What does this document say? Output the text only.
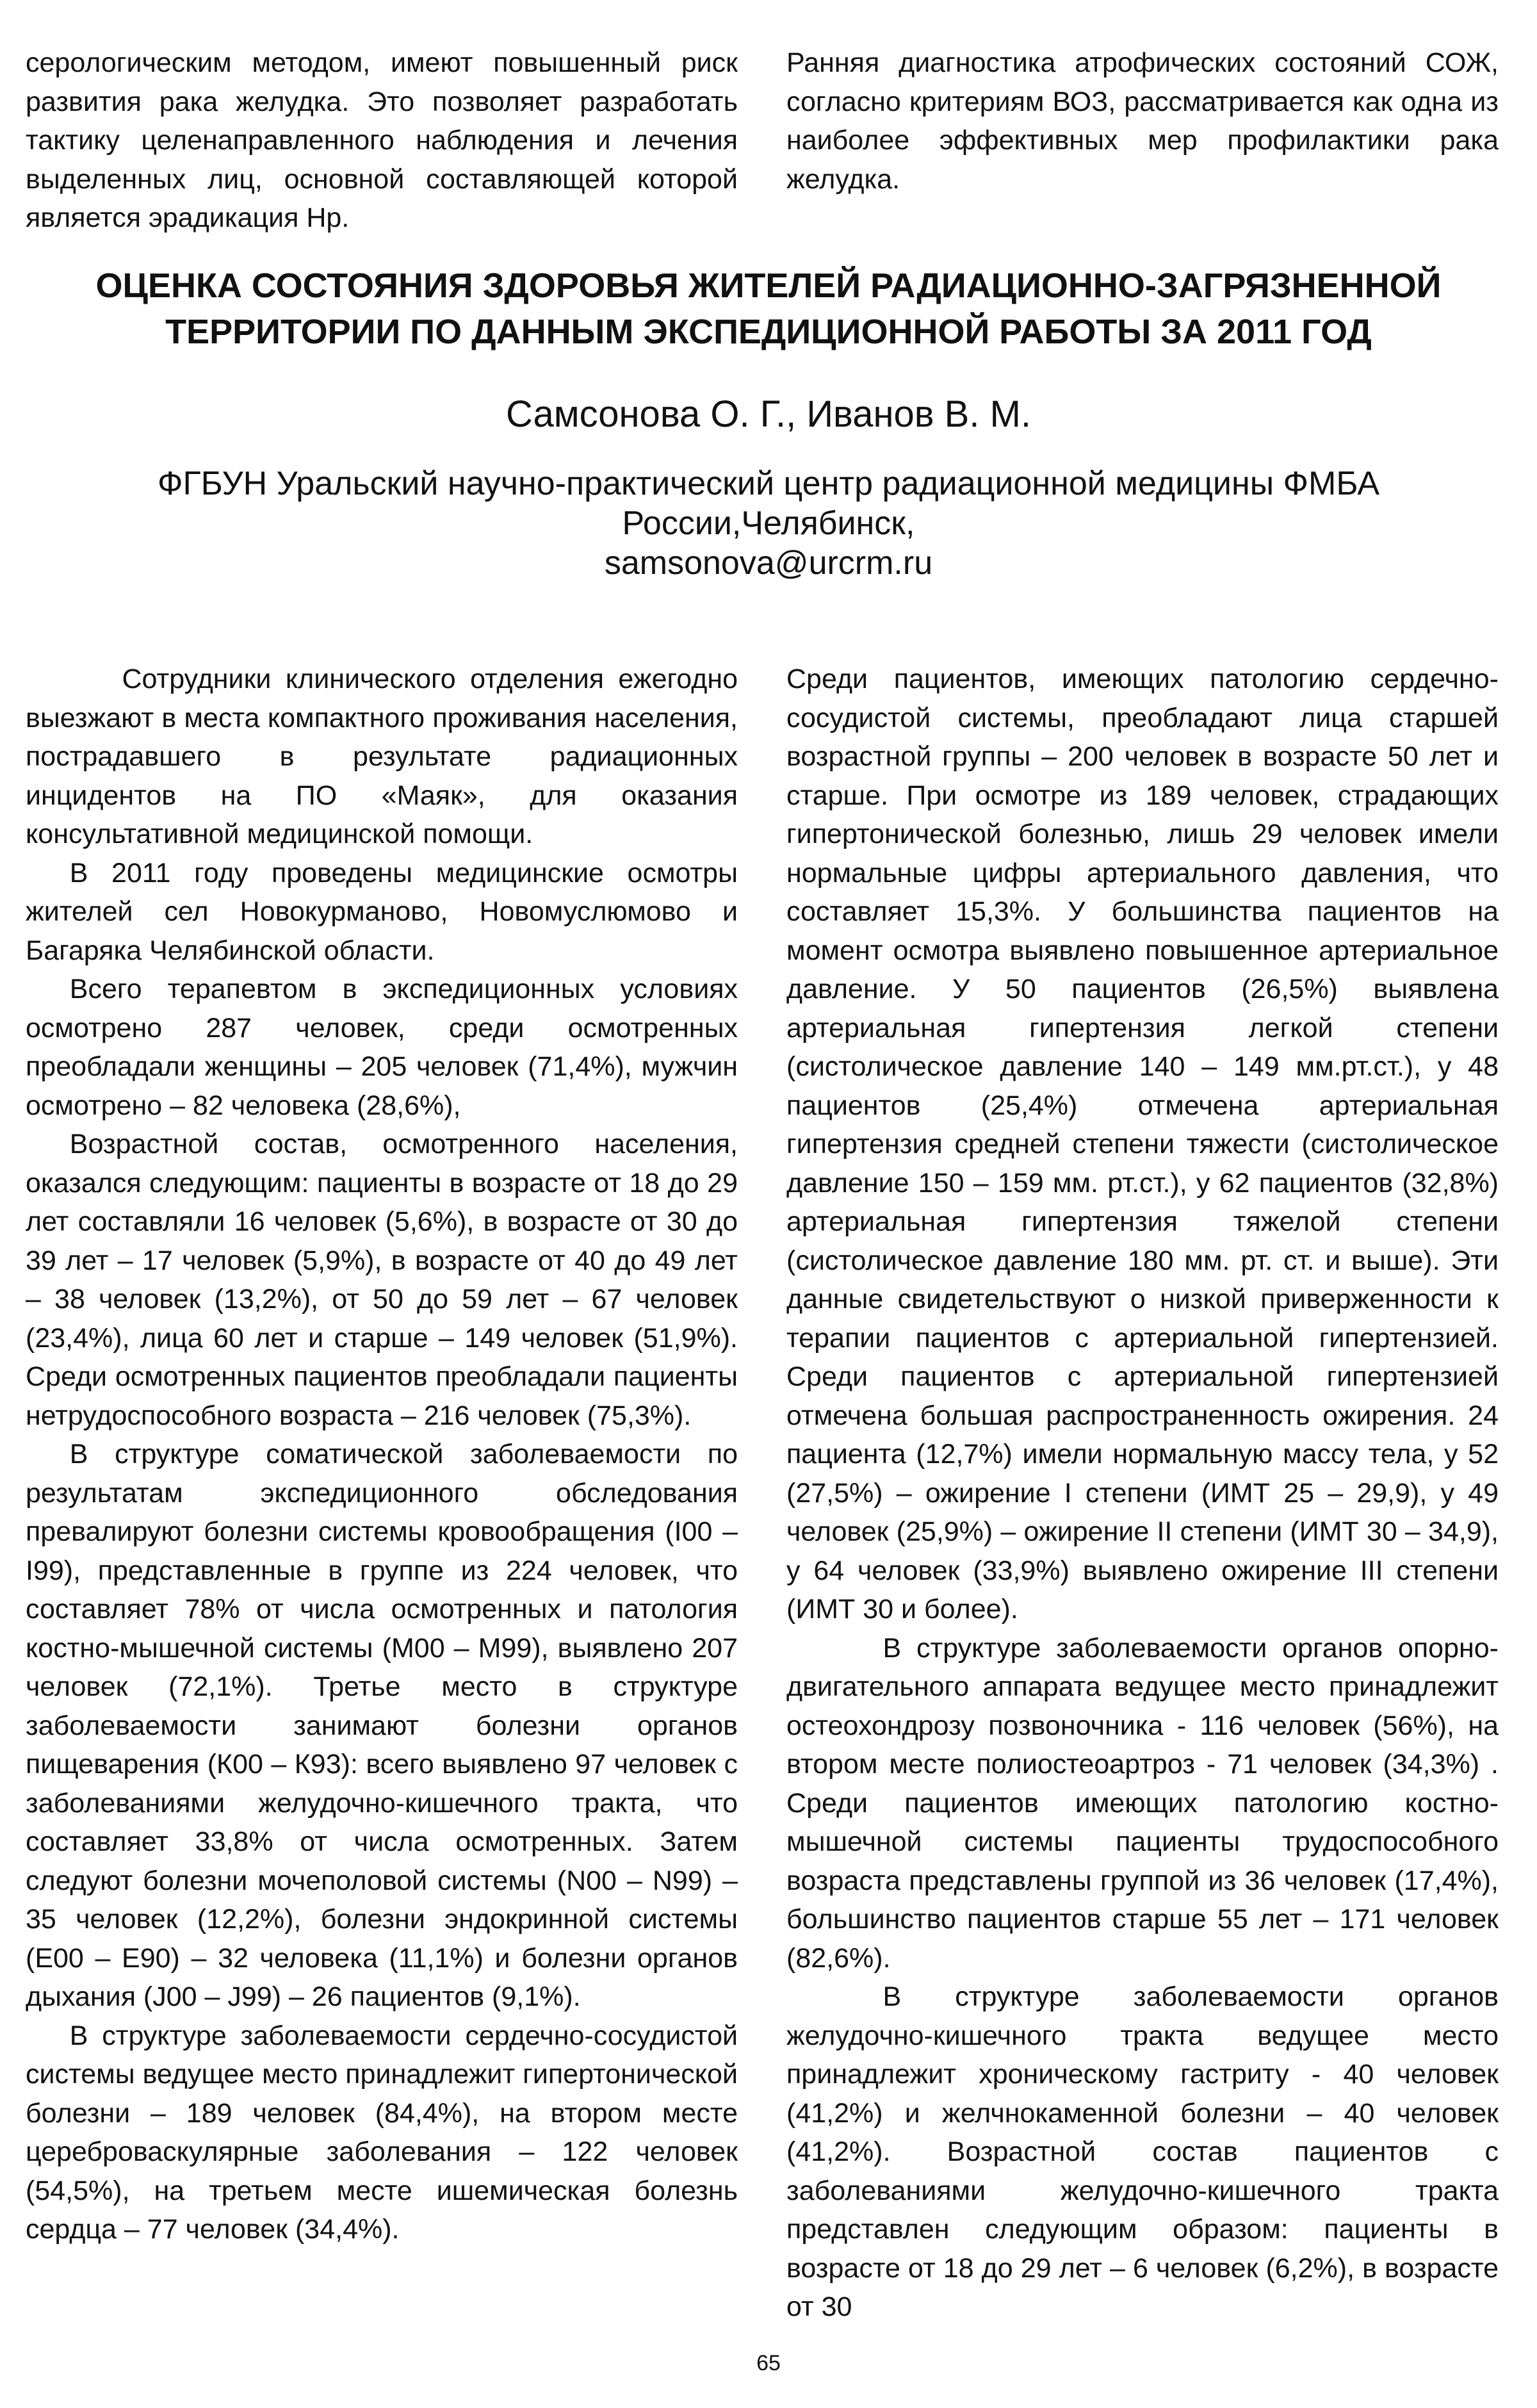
серологическим методом, имеют повышенный риск развития рака желудка. Это позволяет разработать тактику целенаправленного наблюдения и лечения выделенных лиц, основной составляющей которой является эрадикация Нр.

Ранняя диагностика атрофических состояний СОЖ, согласно критериям ВОЗ, рассматривается как одна из наиболее эффективных мер профилактики рака желудка.

ОЦЕНКА СОСТОЯНИЯ ЗДОРОВЬЯ ЖИТЕЛЕЙ РАДИАЦИОННО-ЗАГРЯЗНЕННОЙ
ТЕРРИТОРИИ ПО ДАННЫМ ЭКСПЕДИЦИОННОЙ РАБОТЫ ЗА 2011 ГОД
Самсонова О. Г., Иванов В. М.
ФГБУН Уральский научно-практический центр радиационной медицины ФМБА
России,Челябинск,
samsonova@urcrm.ru

Сотрудники клинического отделения ежегодно выезжают в места компактного проживания населения, пострадавшего в результате радиационных инцидентов на ПО «Маяк», для оказания консультативной медицинской помощи.

В 2011 году проведены медицинские осмотры жителей сел Новокурманово, Новомуслюмово и Багаряка Челябинской области.

Всего терапевтом в экспедиционных условиях осмотрено 287 человек, среди осмотренных преобладали женщины – 205 человек (71,4%), мужчин осмотрено – 82 человека (28,6%),

Возрастной состав, осмотренного населения, оказался следующим: пациенты в возрасте от 18 до 29 лет составляли 16 человек (5,6%), в возрасте от 30 до 39 лет – 17 человек (5,9%), в возрасте от 40 до 49 лет – 38 человек (13,2%), от 50 до 59 лет – 67 человек (23,4%), лица 60 лет и старше – 149 человек (51,9%). Среди осмотренных пациентов преобладали пациенты нетрудоспособного возраста – 216 человек (75,3%).

В структуре соматической заболеваемости по результатам экспедиционного обследования превалируют болезни системы кровообращения (I00 – I99), представленные в группе из 224 человек, что составляет 78% от числа осмотренных и патология костно-мышечной системы (М00 – М99), выявлено 207 человек (72,1%). Третье место в структуре заболеваемости занимают болезни органов пищеварения (К00 – К93): всего выявлено 97 человек с заболеваниями желудочно-кишечного тракта, что составляет 33,8% от числа осмотренных. Затем следуют болезни мочеполовой системы (N00 – N99) – 35 человек (12,2%), болезни эндокринной системы (Е00 – Е90) – 32 человека (11,1%) и болезни органов дыхания (J00 – J99) – 26 пациентов (9,1%).

В структуре заболеваемости сердечно-сосудистой системы ведущее место принадлежит гипертонической болезни – 189 человек (84,4%), на втором месте цереброваскулярные заболевания – 122 человек (54,5%), на третьем месте ишемическая болезнь сердца – 77 человек (34,4%).

Среди пациентов, имеющих патологию сердечно-сосудистой системы, преобладают лица старшей возрастной группы – 200 человек в возрасте 50 лет и старше. При осмотре из 189 человек, страдающих гипертонической болезнью, лишь 29 человек имели нормальные цифры артериального давления, что составляет 15,3%. У большинства пациентов на момент осмотра выявлено повышенное артериальное давление. У 50 пациентов (26,5%) выявлена артериальная гипертензия легкой степени (систолическое давление 140 – 149 мм.рт.ст.), у 48 пациентов (25,4%) отмечена артериальная гипертензия средней степени тяжести (систолическое давление 150 – 159 мм. рт.ст.), у 62 пациентов (32,8%) артериальная гипертензия тяжелой степени (систолическое давление 180 мм. рт. ст. и выше). Эти данные свидетельствуют о низкой приверженности к терапии пациентов с артериальной гипертензией. Среди пациентов с артериальной гипертензией отмечена большая распространенность ожирения. 24 пациента (12,7%) имели нормальную массу тела, у 52 (27,5%) – ожирение I степени (ИМТ 25 – 29,9), у 49 человек (25,9%) – ожирение II степени (ИМТ 30 – 34,9), у 64 человек (33,9%) выявлено ожирение III степени (ИМТ 30 и более).

В структуре заболеваемости органов опорно-двигательного аппарата ведущее место принадлежит остеохондрозу позвоночника - 116 человек (56%), на втором месте полиостеоартроз - 71 человек (34,3%) . Среди пациентов имеющих патологию костно-мышечной системы пациенты трудоспособного возраста представлены группой из 36 человек (17,4%), большинство пациентов старше 55 лет – 171 человек (82,6%).

В структуре заболеваемости органов желудочно-кишечного тракта ведущее место принадлежит хроническому гастриту - 40 человек (41,2%) и желчнокаменной болезни – 40 человек (41,2%). Возрастной состав пациентов с заболеваниями желудочно-кишечного тракта представлен следующим образом: пациенты в возрасте от 18 до 29 лет – 6 человек (6,2%), в возрасте от 30

65
